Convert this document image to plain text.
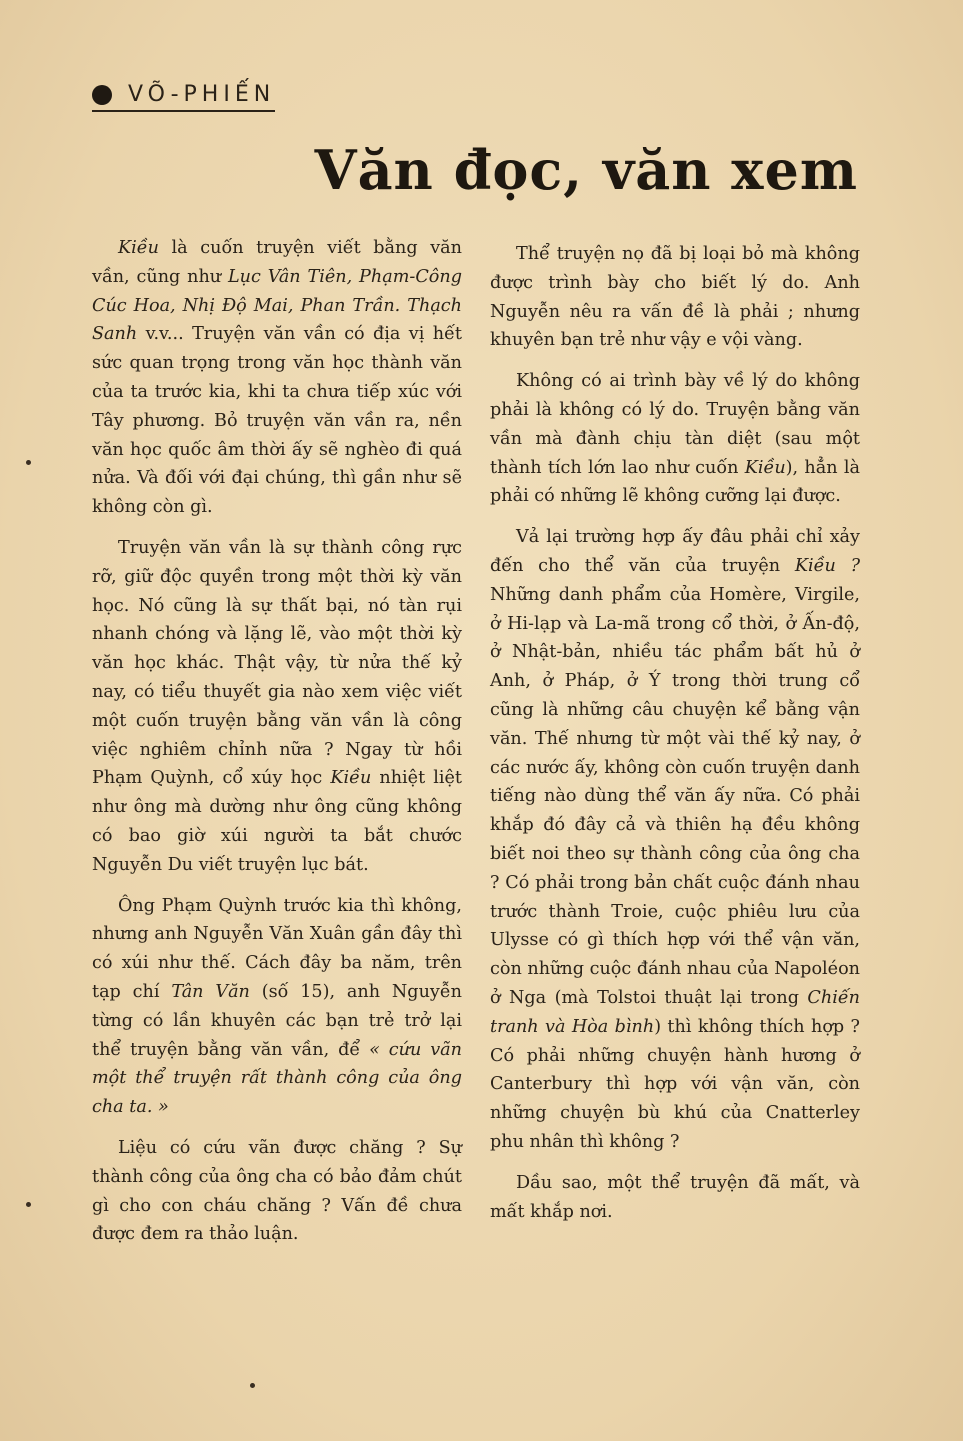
VÕ-PHIẾN
Văn đọc, văn xem

Kiều là cuốn truyện viết bằng văn vần, cũng như Lục Vân Tiên, Phạm-Công Cúc Hoa, Nhị Độ Mai, Phan Trần. Thạch Sanh v.v... Truyện văn vần có địa vị hết sức quan trọng trong văn học thành văn của ta trước kia, khi ta chưa tiếp xúc với Tây phương. Bỏ truyện văn vần ra, nền văn học quốc âm thời ấy sẽ nghèo đi quá nửa. Và đối với đại chúng, thì gần như sẽ không còn gì.

Truyện văn vần là sự thành công rực rỡ, giữ độc quyền trong một thời kỳ văn học. Nó cũng là sự thất bại, nó tàn rụi nhanh chóng và lặng lẽ, vào một thời kỳ văn học khác. Thật vậy, từ nửa thế kỷ nay, có tiểu thuyết gia nào xem việc viết một cuốn truyện bằng văn vần là công việc nghiêm chỉnh nữa ? Ngay từ hồi Phạm Quỳnh, cổ xúy học Kiều nhiệt liệt như ông mà dường như ông cũng không có bao giờ xúi người ta bắt chước Nguyễn Du viết truyện lục bát.

Ông Phạm Quỳnh trước kia thì không, nhưng anh Nguyễn Văn Xuân gần đây thì có xúi như thế. Cách đây ba năm, trên tạp chí Tân Văn (số 15), anh Nguyễn từng có lần khuyên các bạn trẻ trở lại thể truyện bằng văn vần, để « cứu vãn một thể truyện rất thành công của ông cha ta. »

Liệu có cứu vãn được chăng ? Sự thành công của ông cha có bảo đảm chút gì cho con cháu chăng ? Vấn đề chưa được đem ra thảo luận.

Thể truyện nọ đã bị loại bỏ mà không được trình bày cho biết lý do. Anh Nguyễn nêu ra vấn đề là phải ; nhưng khuyên bạn trẻ như vậy e vội vàng.

Không có ai trình bày về lý do không phải là không có lý do. Truyện bằng văn vần mà đành chịu tàn diệt (sau một thành tích lớn lao như cuốn Kiều), hẳn là phải có những lẽ không cưỡng lại được.

Vả lại trường hợp ấy đâu phải chỉ xảy đến cho thể văn của truyện Kiều ? Những danh phẩm của Homère, Virgile, ở Hi-lạp và La-mã trong cổ thời, ở Ấn-độ, ở Nhật-bản, nhiều tác phẩm bất hủ ở Anh, ở Pháp, ở Ý trong thời trung cổ cũng là những câu chuyện kể bằng vận văn. Thế nhưng từ một vài thế kỷ nay, ở các nước ấy, không còn cuốn truyện danh tiếng nào dùng thể văn ấy nữa. Có phải khắp đó đây cả và thiên hạ đều không biết noi theo sự thành công của ông cha ? Có phải trong bản chất cuộc đánh nhau trước thành Troie, cuộc phiêu lưu của Ulysse có gì thích hợp với thể vận văn, còn những cuộc đánh nhau của Napoléon ở Nga (mà Tolstoi thuật lại trong Chiến tranh và Hòa bình) thì không thích hợp ? Có phải những chuyện hành hương ở Canterbury thì hợp với vận văn, còn những chuyện bù khú của Cnatterley phu nhân thì không ?

Dầu sao, một thể truyện đã mất, và mất khắp nơi.
